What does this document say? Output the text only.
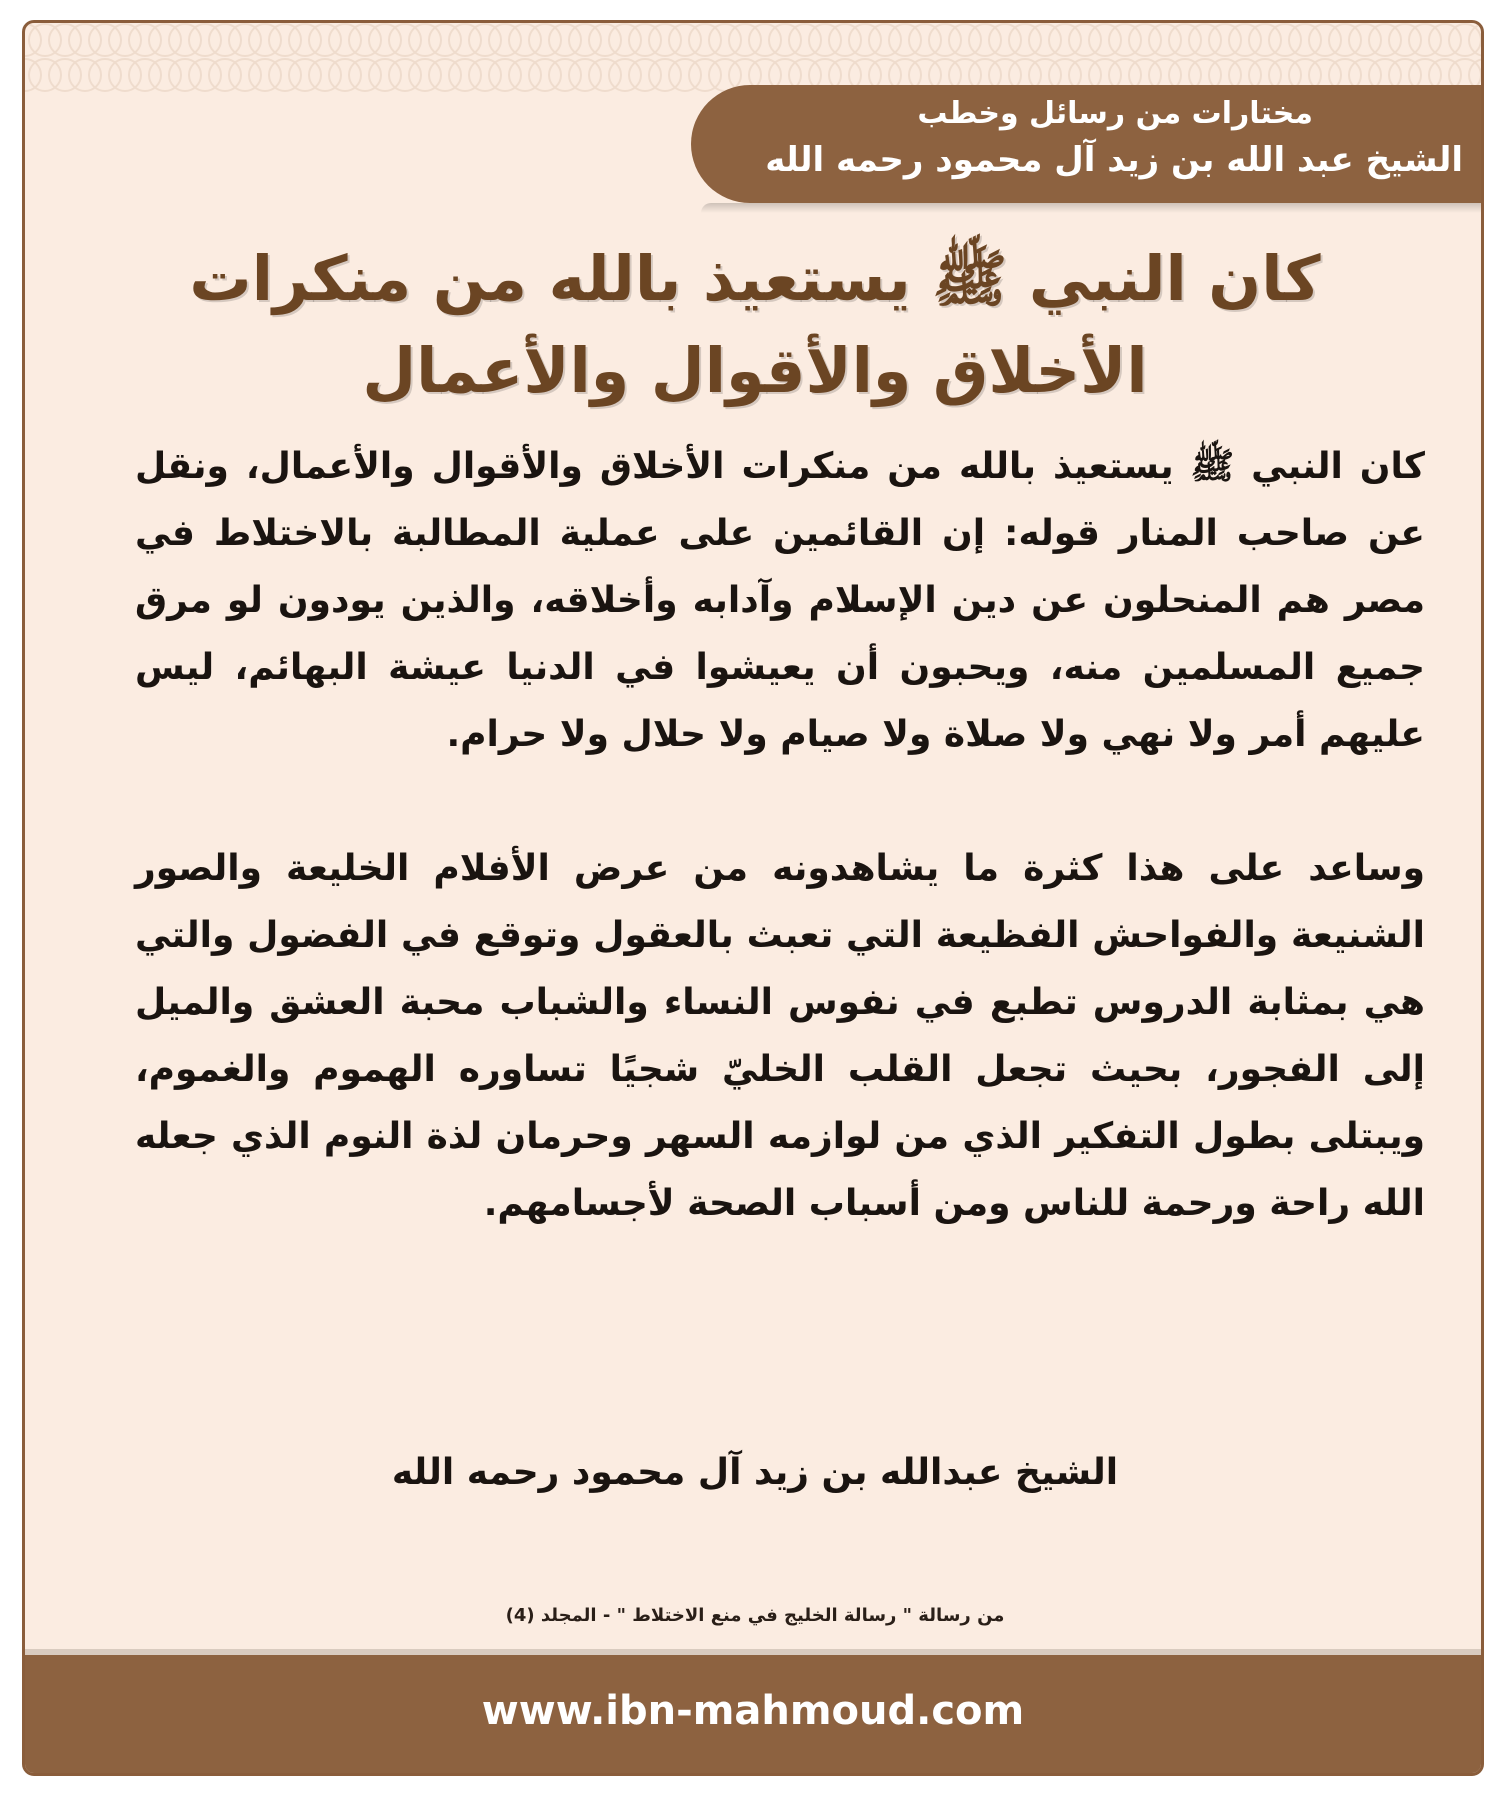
مختارات من رسائل وخطب
الشيخ عبد الله بن زيد آل محمود رحمه الله
كان النبي ﷺ يستعيذ بالله من منكرات
الأخلاق والأقوال والأعمال

كان النبي ﷺ يستعيذ بالله من منكرات الأخلاق والأقوال والأعمال، ونقل عن صاحب المنار قوله: إن القائمين على عملية المطالبة بالاختلاط في مصر هم المنحلون عن دين الإسلام وآدابه وأخلاقه، والذين يودون لو مرق جميع المسلمين منه، ويحبون أن يعيشوا في الدنيا عيشة البهائم، ليس عليهم أمر ولا نهي ولا صلاة ولا صيام ولا حلال ولا حرام.

وساعد على هذا كثرة ما يشاهدونه من عرض الأفلام الخليعة والصور الشنيعة والفواحش الفظيعة التي تعبث بالعقول وتوقع في الفضول والتي هي بمثابة الدروس تطبع في نفوس النساء والشباب محبة العشق والميل إلى الفجور، بحيث تجعل القلب الخليّ شجيًا تساوره الهموم والغموم، ويبتلى بطول التفكير الذي من لوازمه السهر وحرمان لذة النوم الذي جعله الله راحة ورحمة للناس ومن أسباب الصحة لأجسامهم.

الشيخ عبدالله بن زيد آل محمود رحمه الله
من رسالة " رسالة الخليج في منع الاختلاط " - المجلد (4)
www.ibn-mahmoud.com
